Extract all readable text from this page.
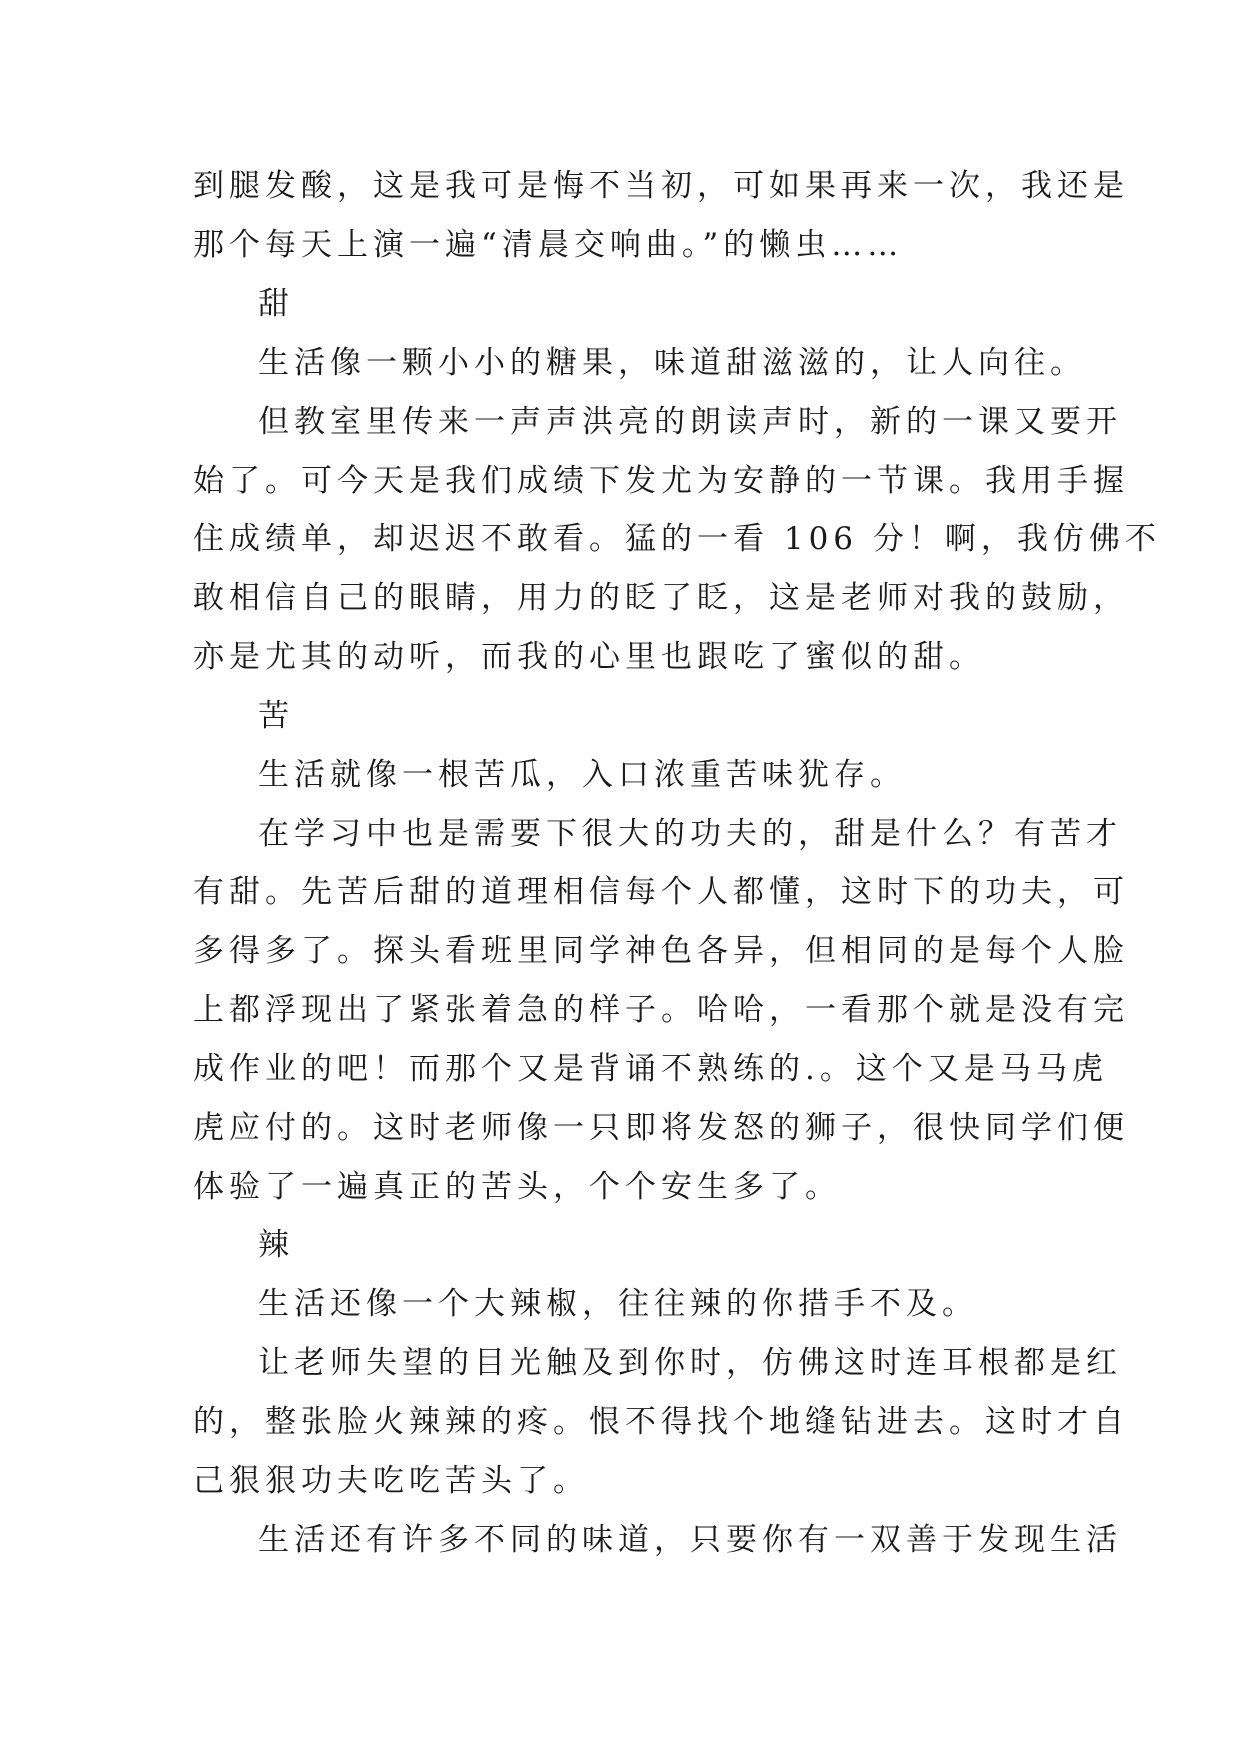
到腿发酸，这是我可是悔不当初，可如果再来一次，我还是
那个每天上演一遍“清晨交响曲。”的懒虫……
甜
生活像一颗小小的糖果，味道甜滋滋的，让人向往。
但教室里传来一声声洪亮的朗读声时，新的一课又要开
始了。可今天是我们成绩下发尤为安静的一节课。我用手握
住成绩单，却迟迟不敢看。猛的一看 106 分！啊，我仿佛不
敢相信自己的眼睛，用力的眨了眨，这是老师对我的鼓励，
亦是尤其的动听，而我的心里也跟吃了蜜似的甜。
苦
生活就像一根苦瓜，入口浓重苦味犹存。
在学习中也是需要下很大的功夫的，甜是什么？有苦才
有甜。先苦后甜的道理相信每个人都懂，这时下的功夫，可
多得多了。探头看班里同学神色各异，但相同的是每个人脸
上都浮现出了紧张着急的样子。哈哈，一看那个就是没有完
成作业的吧！而那个又是背诵不熟练的.。这个又是马马虎
虎应付的。这时老师像一只即将发怒的狮子，很快同学们便
体验了一遍真正的苦头，个个安生多了。
辣
生活还像一个大辣椒，往往辣的你措手不及。
让老师失望的目光触及到你时，仿佛这时连耳根都是红
的，整张脸火辣辣的疼。恨不得找个地缝钻进去。这时才自
己狠狠功夫吃吃苦头了。
生活还有许多不同的味道，只要你有一双善于发现生活
